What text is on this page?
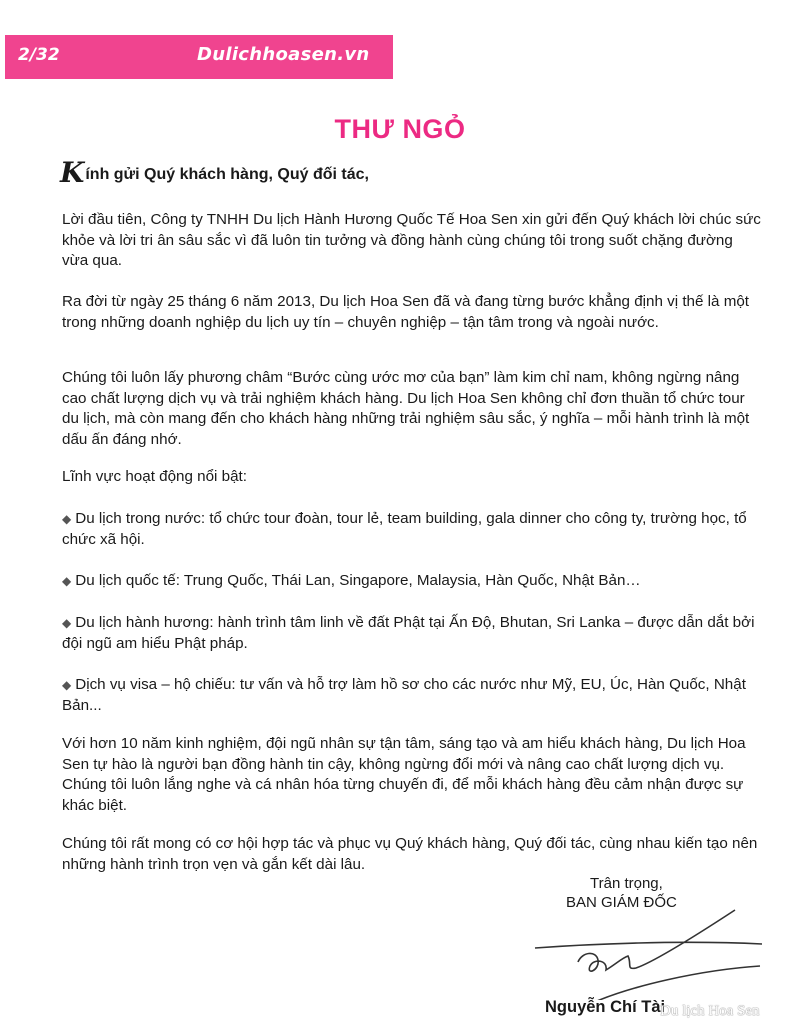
2/32	Dulichhoasen.vn
THƯ NGỎ
Kính gửi Quý khách hàng, Quý đối tác,

Lời đầu tiên, Công ty TNHH Du lịch Hành Hương Quốc Tế Hoa Sen xin gửi đến Quý khách lời chúc sức khỏe và lời tri ân sâu sắc vì đã luôn tin tưởng và đồng hành cùng chúng tôi trong suốt chặng đường vừa qua.

Ra đời từ ngày 25 tháng 6 năm 2013, Du lịch Hoa Sen đã và đang từng bước khẳng định vị thế là một trong những doanh nghiệp du lịch uy tín – chuyên nghiệp – tận tâm trong và ngoài nước.

Chúng tôi luôn lấy phương châm “Bước cùng ước mơ của bạn” làm kim chỉ nam, không ngừng nâng cao chất lượng dịch vụ và trải nghiệm khách hàng. Du lịch Hoa Sen không chỉ đơn thuần tổ chức tour du lịch, mà còn mang đến cho khách hàng những trải nghiệm sâu sắc, ý nghĩa – mỗi hành trình là một dấu ấn đáng nhớ.

Lĩnh vực hoạt động nổi bật:

◆ Du lịch trong nước: tổ chức tour đoàn, tour lẻ, team building, gala dinner cho công ty, trường học, tổ chức xã hội.

◆ Du lịch quốc tế: Trung Quốc, Thái Lan, Singapore, Malaysia, Hàn Quốc, Nhật Bản…

◆ Du lịch hành hương: hành trình tâm linh về đất Phật tại Ấn Độ, Bhutan, Sri Lanka – được dẫn dắt bởi đội ngũ am hiểu Phật pháp.

◆ Dịch vụ visa – hộ chiếu: tư vấn và hỗ trợ làm hồ sơ cho các nước như Mỹ, EU, Úc, Hàn Quốc, Nhật Bản...

Với hơn 10 năm kinh nghiệm, đội ngũ nhân sự tận tâm, sáng tạo và am hiểu khách hàng, Du lịch Hoa Sen tự hào là người bạn đồng hành tin cậy, không ngừng đổi mới và nâng cao chất lượng dịch vụ. Chúng tôi luôn lắng nghe và cá nhân hóa từng chuyến đi, để mỗi khách hàng đều cảm nhận được sự khác biệt.

Chúng tôi rất mong có cơ hội hợp tác và phục vụ Quý khách hàng, Quý đối tác, cùng nhau kiến tạo nên những hành trình trọn vẹn và gắn kết dài lâu.

Trân trọng,
BAN GIÁM ĐỐC
Nguyễn Chí Tài
Du lịch Hoa Sen
